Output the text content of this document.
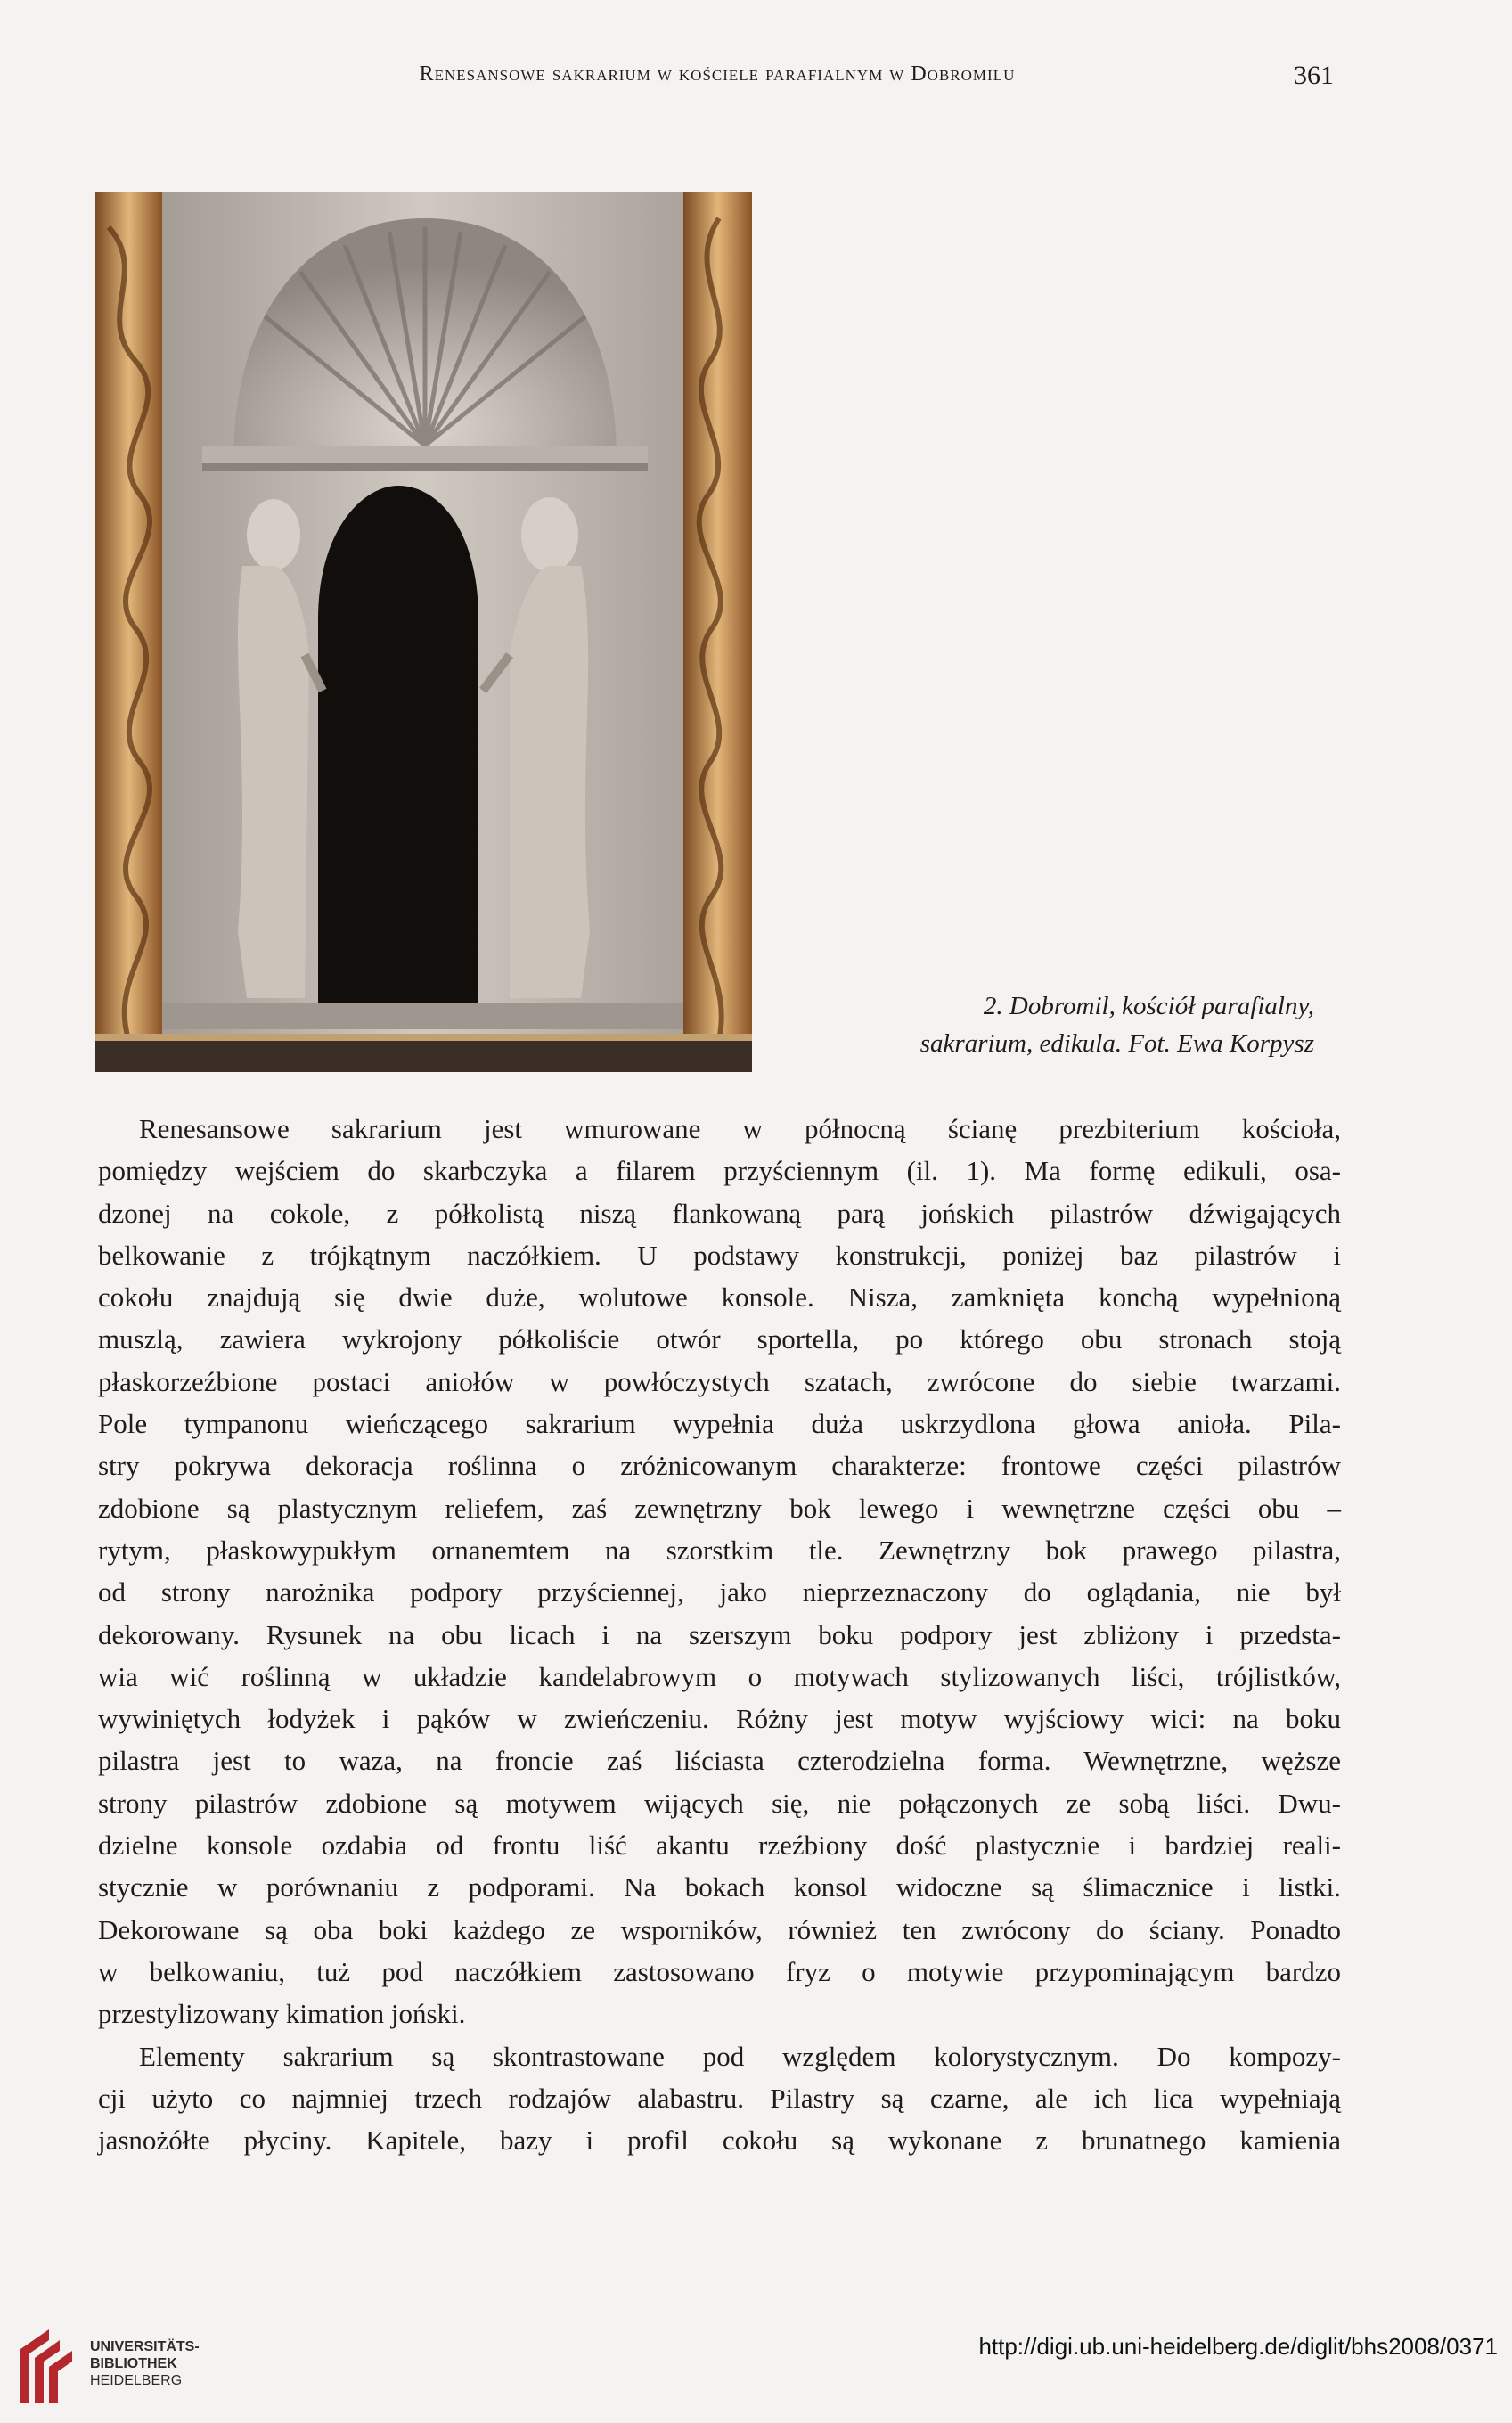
Renesansowe sakrarium w kościele parafialnym w Dobromilu	361
2. Dobromil, kościół parafialny,
sakrarium, edikula. Fot. Ewa Korpysz
Renesansowe sakrarium jest wmurowane w północną ścianę prezbiterium kościoła,
pomiędzy wejściem do skarbczyka a filarem przyściennym (il. 1). Ma formę edikuli, osa-
dzonej na cokole, z półkolistą niszą flankowaną parą jońskich pilastrów dźwigających
belkowanie z trójkątnym naczółkiem. U podstawy konstrukcji, poniżej baz pilastrów i
cokołu znajdują się dwie duże, wolutowe konsole. Nisza, zamknięta konchą wypełnioną
muszlą, zawiera wykrojony półkoliście otwór sportella, po którego obu stronach stoją
płaskorzeźbione postaci aniołów w powłóczystych szatach, zwrócone do siebie twarzami.
Pole tympanonu wieńczącego sakrarium wypełnia duża uskrzydlona głowa anioła. Pila-
stry pokrywa dekoracja roślinna o zróżnicowanym charakterze: frontowe części pilastrów
zdobione są plastycznym reliefem, zaś zewnętrzny bok lewego i wewnętrzne części obu –
rytym, płaskowypukłym ornanemtem na szorstkim tle. Zewnętrzny bok prawego pilastra,
od strony narożnika podpory przyściennej, jako nieprzeznaczony do oglądania, nie był
dekorowany. Rysunek na obu licach i na szerszym boku podpory jest zbliżony i przedsta-
wia wić roślinną w układzie kandelabrowym o motywach stylizowanych liści, trójlistków,
wywiniętych łodyżek i pąków w zwieńczeniu. Różny jest motyw wyjściowy wici: na boku
pilastra jest to waza, na froncie zaś liściasta czterodzielna forma. Wewnętrzne, węższe
strony pilastrów zdobione są motywem wijących się, nie połączonych ze sobą liści. Dwu-
dzielne konsole ozdabia od frontu liść akantu rzeźbiony dość plastycznie i bardziej reali-
stycznie w porównaniu z podporami. Na bokach konsol widoczne są ślimacznice i listki.
Dekorowane są oba boki każdego ze wsporników, również ten zwrócony do ściany. Ponadto
w belkowaniu, tuż pod naczółkiem zastosowano fryz o motywie przypominającym bardzo
przestylizowany kimation joński.
Elementy sakrarium są skontrastowane pod względem kolorystycznym. Do kompozy-
cji użyto co najmniej trzech rodzajów alabastru. Pilastry są czarne, ale ich lica wypełniają
jasnożółte płyciny. Kapitele, bazy i profil cokołu są wykonane z brunatnego kamienia
UNIVERSITÄTS-
BIBLIOTHEK
HEIDELBERG
http://digi.ub.uni-heidelberg.de/diglit/bhs2008/0371
